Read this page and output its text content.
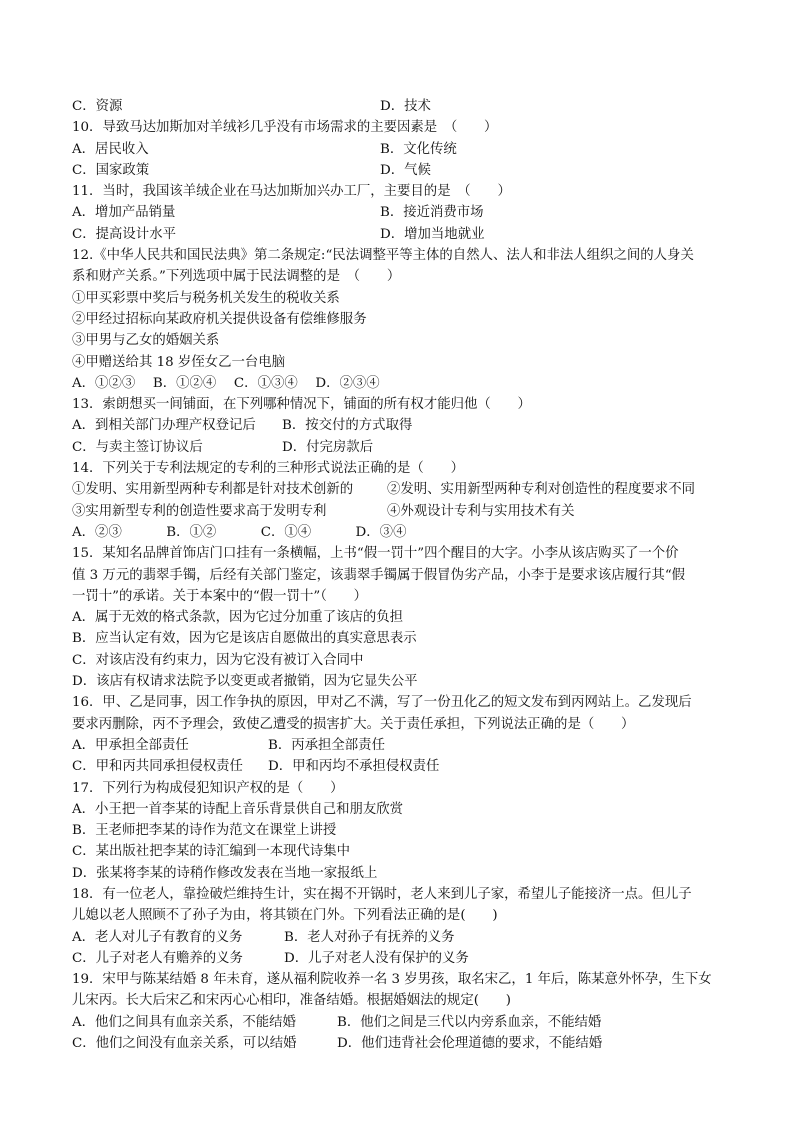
C．资源	D．技术
10．导致马达加斯加对羊绒衫几乎没有市场需求的主要因素是　（　　）
A．居民收入	B．文化传统
C．国家政策	D．气候
11．当时，我国该羊绒企业在马达加斯加兴办工厂，主要目的是　（　　）
A．增加产品销量	B．接近消费市场
C．提高设计水平	D．增加当地就业
12.《中华人民共和国民法典》第二条规定:“民法调整平等主体的自然人、法人和非法人组织之间的人身关
系和财产关系。”下列选项中属于民法调整的是　（　　）
①甲买彩票中奖后与税务机关发生的税收关系
②甲经过招标向某政府机关提供设备有偿维修服务
③甲男与乙女的婚姻关系
④甲赠送给其 18 岁侄女乙一台电脑
A．①②③　 B．①②④　 C．①③④　 D．②③④
13．索朗想买一间铺面，在下列哪种情况下，铺面的所有权才能归他（　　）
A．到相关部门办理产权登记后 B．按交付的方式取得
C．与卖主签订协议后	D．付完房款后
14．下列关于专利法规定的专利的三种形式说法正确的是（　　）
①发明、实用新型两种专利都是针对技术创新的	②发明、实用新型两种专利对创造性的程度要求不同
③实用新型专利的创造性要求高于发明专利	④外观设计专利与实用技术有关
A．②③　　　 B．①②　　　 C．①④　　　 D．③④
15．某知名品牌首饰店门口挂有一条横幅，上书“假一罚十”四个醒目的大字。小李从该店购买了一个价
值 3 万元的翡翠手镯，后经有关部门鉴定，该翡翠手镯属于假冒伪劣产品，小李于是要求该店履行其“假
一罚十”的承诺。关于本案中的“假一罚十”（　　）
A．属于无效的格式条款，因为它过分加重了该店的负担
B．应当认定有效，因为它是该店自愿做出的真实意思表示
C．对该店没有约束力，因为它没有被订入合同中
D．该店有权请求法院予以变更或者撤销，因为它显失公平
16．甲、乙是同事，因工作争执的原因，甲对乙不满，写了一份丑化乙的短文发布到丙网站上。乙发现后
要求丙删除，丙不予理会，致使乙遭受的损害扩大。关于责任承担，下列说法正确的是（　　）
A．甲承担全部责任	B．丙承担全部责任
C．甲和丙共同承担侵权责任 D．甲和丙均不承担侵权责任
17．下列行为构成侵犯知识产权的是（　　）
A．小王把一首李某的诗配上音乐背景供自己和朋友欣赏
B．王老师把李某的诗作为范文在课堂上讲授
C．某出版社把李某的诗汇编到一本现代诗集中
D．张某将李某的诗稍作修改发表在当地一家报纸上
18．有一位老人，靠捡破烂维持生计，实在揭不开锅时，老人来到儿子家，希望儿子能接济一点。但儿子
儿媳以老人照顾不了孙子为由，将其锁在门外。下列看法正确的是(　　)
A．老人对儿子有教育的义务	B．老人对孙子有抚养的义务
C．儿子对老人有赡养的义务	D．儿子对老人没有保护的义务
19．宋甲与陈某结婚 8 年未育，遂从福利院收养一名 3 岁男孩，取名宋乙，1 年后，陈某意外怀孕，生下女
儿宋丙。长大后宋乙和宋丙心心相印，准备结婚。根据婚姻法的规定(　　)
A．他们之间具有血亲关系，不能结婚	B．他们之间是三代以内旁系血亲，不能结婚
C．他们之间没有血亲关系，可以结婚	D．他们违背社会伦理道德的要求，不能结婚
